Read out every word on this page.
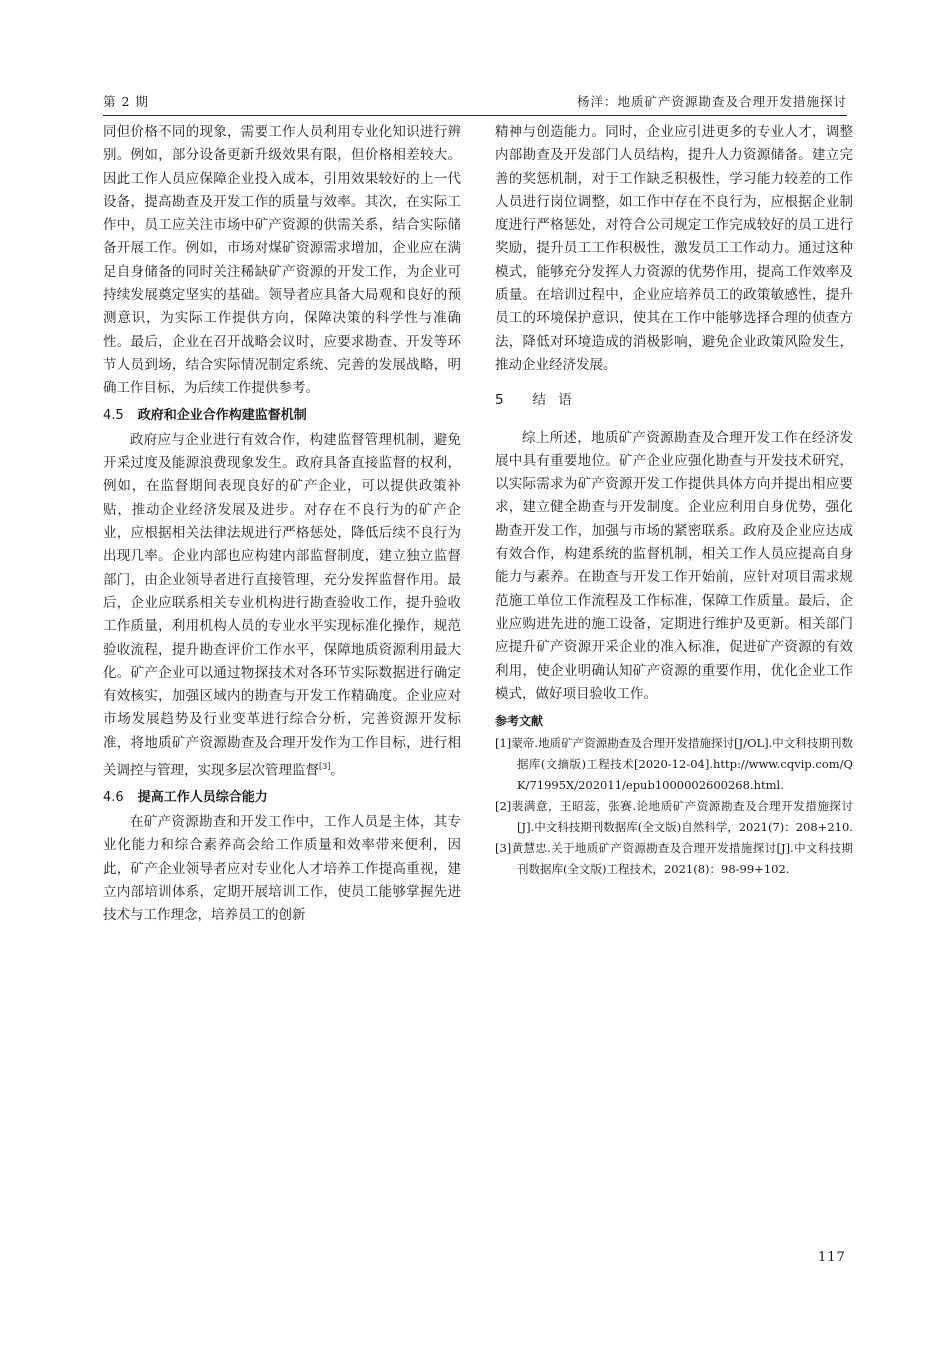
第 2 期	杨洋：地质矿产资源勘查及合理开发措施探讨

同但价格不同的现象，需要工作人员利用专业化知识进行辨别。例如，部分设备更新升级效果有限，但价格相差较大。因此工作人员应保障企业投入成本，引用效果较好的上一代设备，提高勘查及开发工作的质量与效率。其次，在实际工作中，员工应关注市场中矿产资源的供需关系，结合实际储备开展工作。例如，市场对煤矿资源需求增加，企业应在满足自身储备的同时关注稀缺矿产资源的开发工作，为企业可持续发展奠定坚实的基础。领导者应具备大局观和良好的预测意识，为实际工作提供方向，保障决策的科学性与准确性。最后，企业在召开战略会议时，应要求勘查、开发等环节人员到场，结合实际情况制定系统、完善的发展战略，明确工作目标，为后续工作提供参考。

4.5 政府和企业合作构建监督机制

政府应与企业进行有效合作，构建监督管理机制，避免开采过度及能源浪费现象发生。政府具备直接监督的权利，例如，在监督期间表现良好的矿产企业，可以提供政策补贴，推动企业经济发展及进步。对存在不良行为的矿产企业，应根据相关法律法规进行严格惩处，降低后续不良行为出现几率。企业内部也应构建内部监督制度，建立独立监督部门，由企业领导者进行直接管理，充分发挥监督作用。最后，企业应联系相关专业机构进行勘查验收工作，提升验收工作质量，利用机构人员的专业水平实现标准化操作，规范验收流程，提升勘查评价工作水平，保障地质资源利用最大化。矿产企业可以通过物探技术对各环节实际数据进行确定有效核实，加强区域内的勘查与开发工作精确度。企业应对市场发展趋势及行业变革进行综合分析，完善资源开发标准，将地质矿产资源勘查及合理开发作为工作目标，进行相关调控与管理，实现多层次管理监督[3]。

4.6 提高工作人员综合能力

在矿产资源勘查和开发工作中，工作人员是主体，其专业化能力和综合素养高会给工作质量和效率带来便利，因此，矿产企业领导者应对专业化人才培养工作提高重视，建立内部培训体系，定期开展培训工作，使员工能够掌握先进技术与工作理念，培养员工的创新

精神与创造能力。同时，企业应引进更多的专业人才，调整内部勘查及开发部门人员结构，提升人力资源储备。建立完善的奖惩机制，对于工作缺乏积极性，学习能力较差的工作人员进行岗位调整，如工作中存在不良行为，应根据企业制度进行严格惩处，对符合公司规定工作完成较好的员工进行奖励，提升员工工作积极性，激发员工工作动力。通过这种模式，能够充分发挥人力资源的优势作用，提高工作效率及质量。在培训过程中，企业应培养员工的政策敏感性，提升员工的环境保护意识，使其在工作中能够选择合理的侦查方法，降低对环境造成的消极影响，避免企业政策风险发生，推动企业经济发展。

5 结 语

综上所述，地质矿产资源勘查及合理开发工作在经济发展中具有重要地位。矿产企业应强化勘查与开发技术研究，以实际需求为矿产资源开发工作提供具体方向并提出相应要求，建立健全勘查与开发制度。企业应利用自身优势，强化勘查开发工作，加强与市场的紧密联系。政府及企业应达成有效合作，构建系统的监督机制，相关工作人员应提高自身能力与素养。在勘查与开发工作开始前，应针对项目需求规范施工单位工作流程及工作标准，保障工作质量。最后，企业应购进先进的施工设备，定期进行维护及更新。相关部门应提升矿产资源开采企业的准入标准，促进矿产资源的有效利用，使企业明确认知矿产资源的重要作用，优化企业工作模式，做好项目验收工作。

参考文献
[1]蒙帝.地质矿产资源勘查及合理开发措施探讨[J/OL].中文科技期刊数据库(文摘版)工程技术[2020-12-04].http://www.cqvip.com/QK/71995X/202011/epub1000002600268.html.
[2]裴满意，王昭蕊，张赛.论地质矿产资源勘查及合理开发措施探讨[J].中文科技期刊数据库(全文版)自然科学，2021(7)：208+210.
[3]黄慧忠.关于地质矿产资源勘查及合理开发措施探讨[J].中文科技期刊数据库(全文版)工程技术，2021(8)：98-99+102.
117
